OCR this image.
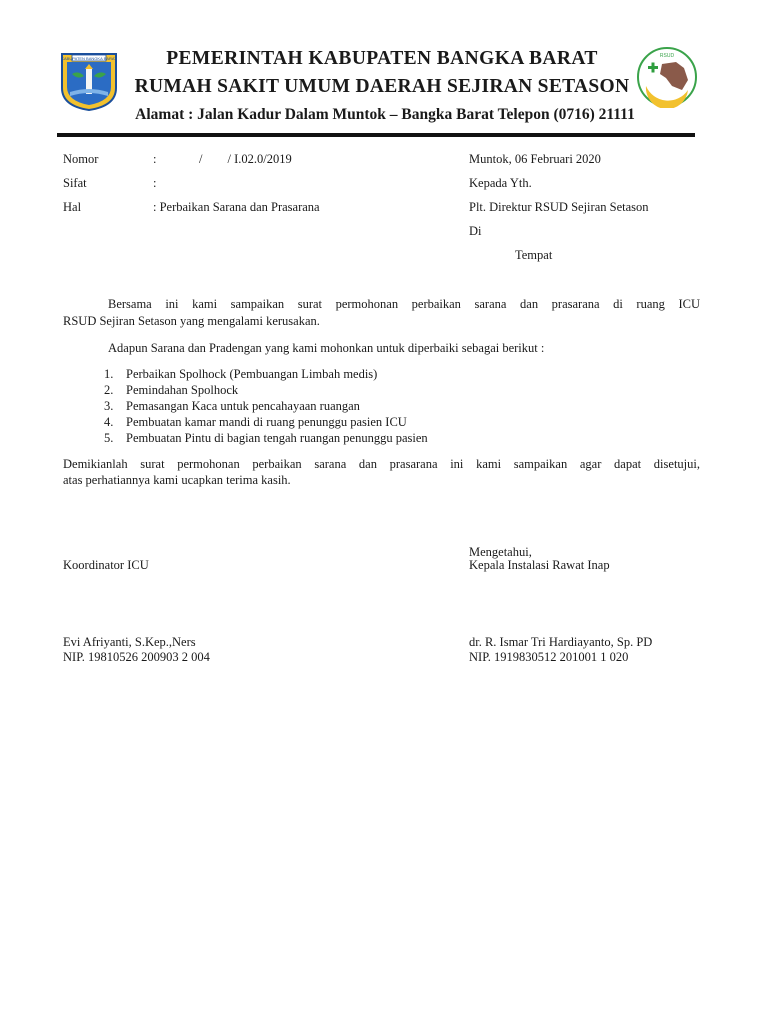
KABUPATEN BANGKA BARAT	RSUD
PEMERINTAH KABUPATEN BANGKA BARAT
RUMAH SAKIT UMUM DAERAH SEJIRAN SETASON
Alamat : Jalan Kadur Dalam Muntok – Bangka Barat Telepon (0716) 21111
Nomor	:	/        / I.02.0/2019
Sifat	:
Hal	: Perbaikan Sarana dan Prasarana
Muntok, 06 Februari 2020
Kepada Yth.
Plt. Direktur RSUD Sejiran Setason
Di
Tempat
Bersama ini kami sampaikan surat permohonan perbaikan sarana dan prasarana di ruang ICU
RSUD Sejiran Setason yang mengalami kerusakan.
Adapun Sarana dan Pradengan yang kami mohonkan untuk diperbaiki sebagai berikut :
1. Perbaikan Spolhock (Pembuangan Limbah medis)
2. Pemindahan Spolhock
3. Pemasangan Kaca untuk pencahayaan ruangan
4. Pembuatan kamar mandi di ruang penunggu pasien ICU
5. Pembuatan Pintu di bagian tengah ruangan penunggu pasien
Demikianlah surat permohonan perbaikan sarana dan prasarana ini kami sampaikan agar dapat disetujui,
atas perhatiannya kami ucapkan terima kasih.
Mengetahui,
Koordinator ICU	Kepala Instalasi Rawat Inap
Evi Afriyanti, S.Kep.,Ners
NIP. 19810526 200903 2 004
dr. R. Ismar Tri Hardiayanto, Sp. PD
NIP. 1919830512 201001 1 020
